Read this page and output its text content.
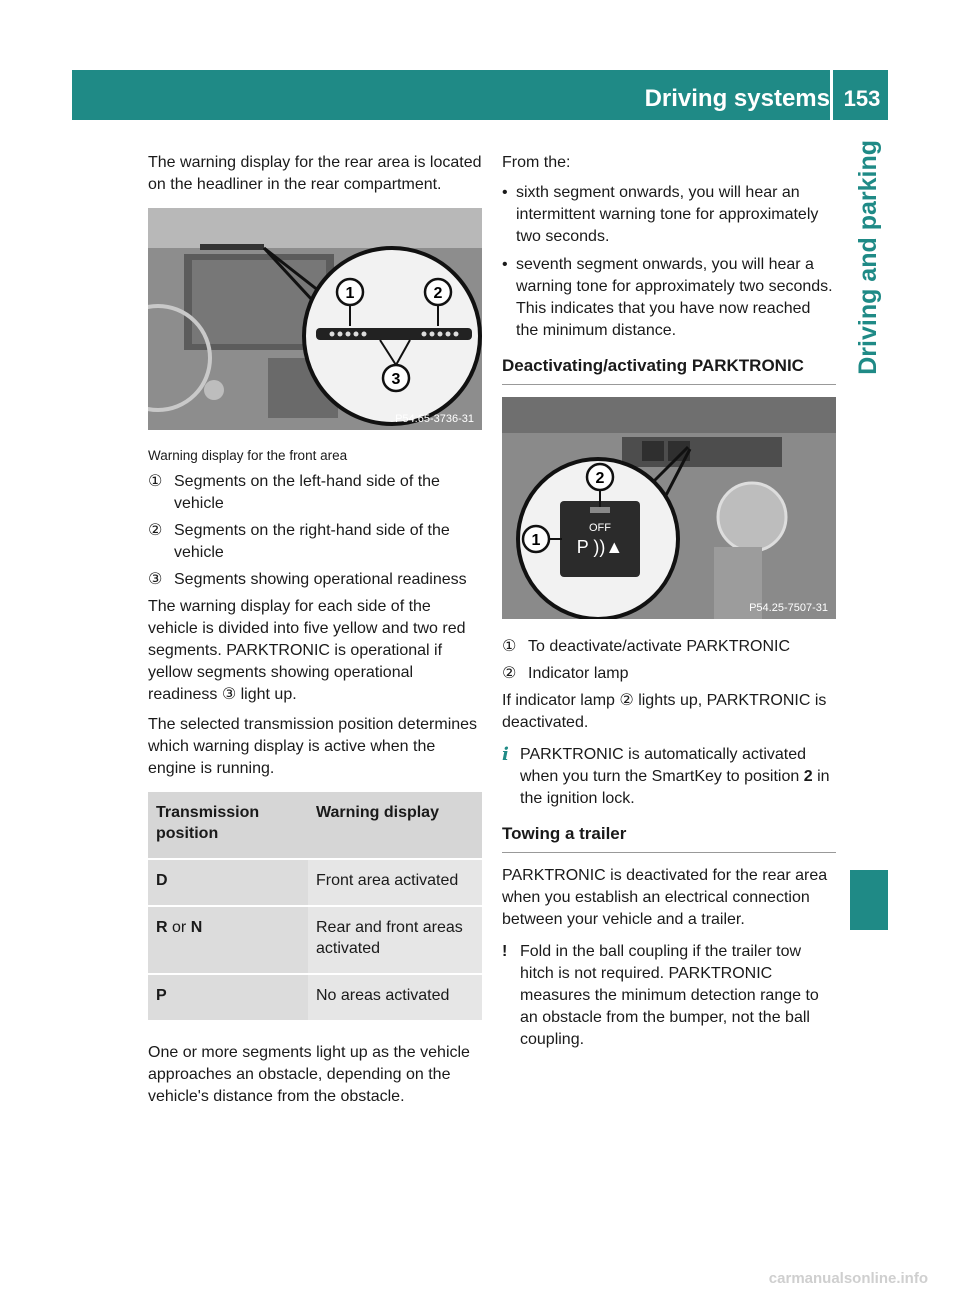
Driving systems 153
Driving and parking

The warning display for the rear area is located on the headliner in the rear compartment.

1	2
3
P54.65-3736-31
Warning display for the front area
① Segments on the left-hand side of the vehicle
② Segments on the right-hand side of the vehicle
③ Segments showing operational readiness

The warning display for each side of the vehicle is divided into five yellow and two red segments. PARKTRONIC is operational if yellow segments showing operational readiness ③ light up.

The selected transmission position determines which warning display is active when the engine is running.

Transmission position	Warning display
D	Front area activated
R or N	Rear and front areas activated
P	No areas activated

One or more segments light up as the vehicle approaches an obstacle, depending on the vehicle's distance from the obstacle.

From the:

• sixth segment onwards, you will hear an intermittent warning tone for approximately two seconds.
• seventh segment onwards, you will hear a warning tone for approximately two seconds. This indicates that you have now reached the minimum distance.
Deactivating/activating PARKTRONIC
OFF
P ))▲
2
1
P54.25-7507-31
① To deactivate/activate PARKTRONIC
② Indicator lamp

If indicator lamp ② lights up, PARKTRONIC is deactivated.

i PARKTRONIC is automatically activated when you turn the SmartKey to position 2 in the ignition lock.
Towing a trailer

PARKTRONIC is deactivated for the rear area when you establish an electrical connection between your vehicle and a trailer.

! Fold in the ball coupling if the trailer tow hitch is not required. PARKTRONIC measures the minimum detection range to an obstacle from the bumper, not the ball coupling.
carmanualsonline.info
